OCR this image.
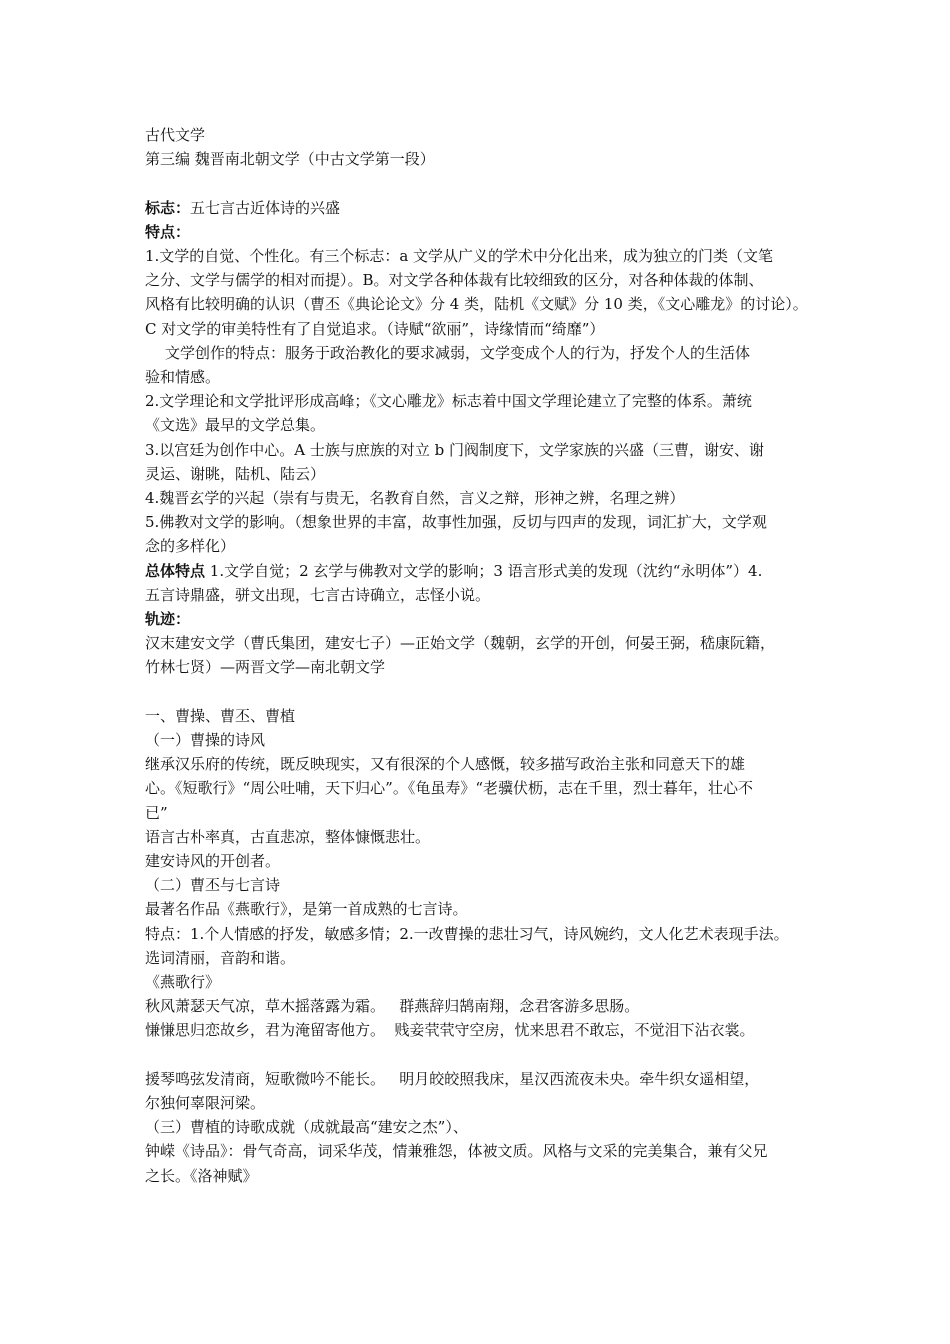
古代文学
第三编 魏晋南北朝文学（中古文学第一段）
标志：五七言古近体诗的兴盛
特点：
1.文学的自觉、个性化。有三个标志：a 文学从广义的学术中分化出来，成为独立的门类（文笔
之分、文学与儒学的相对而提）。B。对文学各种体裁有比较细致的区分，对各种体裁的体制、
风格有比较明确的认识（曹丕《典论论文》分 4 类，陆机《文赋》分 10 类，《文心雕龙》的讨论）。
C 对文学的审美特性有了自觉追求。（诗赋“欲丽”，诗缘情而“绮靡”）
文学创作的特点：服务于政治教化的要求减弱，文学变成个人的行为，抒发个人的生活体
验和情感。
2.文学理论和文学批评形成高峰；《文心雕龙》标志着中国文学理论建立了完整的体系。萧统
《文选》最早的文学总集。
3.以宫廷为创作中心。A 士族与庶族的对立 b 门阀制度下，文学家族的兴盛（三曹，谢安、谢
灵运、谢眺，陆机、陆云）
4.魏晋玄学的兴起（崇有与贵无，名教育自然，言义之辩，形神之辨，名理之辨）
5.佛教对文学的影响。（想象世界的丰富，故事性加强，反切与四声的发现，词汇扩大，文学观
念的多样化）
总体特点 1.文学自觉；2 玄学与佛教对文学的影响；3 语言形式美的发现（沈约“永明体”）4.
五言诗鼎盛，骈文出现，七言古诗确立，志怪小说。
轨迹：
汉末建安文学（曹氏集团，建安七子）—正始文学（魏朝，玄学的开创，何晏王弼，嵇康阮籍，
竹林七贤）—两晋文学—南北朝文学
一、曹操、曹丕、曹植
（一）曹操的诗风
继承汉乐府的传统，既反映现实，又有很深的个人感慨，较多描写政治主张和同意天下的雄
心。《短歌行》“周公吐哺，天下归心”。《龟虽寿》“老骥伏枥，志在千里，烈士暮年，壮心不
已”
语言古朴率真，古直悲凉，整体慷慨悲壮。
建安诗风的开创者。
（二）曹丕与七言诗
最著名作品《燕歌行》，是第一首成熟的七言诗。
特点：1.个人情感的抒发，敏感多情；2.一改曹操的悲壮习气，诗风婉约，文人化艺术表现手法。
选词清丽，音韵和谐。
《燕歌行》
秋风萧瑟天气凉，草木摇落露为霜。   群燕辞归鹄南翔，念君客游多思肠。
慊慊思归恋故乡，君为淹留寄他方。  贱妾茕茕守空房，忧来思君不敢忘，不觉泪下沾衣裳。
援琴鸣弦发清商，短歌微吟不能长。   明月皎皎照我床，星汉西流夜未央。牵牛织女遥相望，
尔独何辜限河梁。
（三）曹植的诗歌成就（成就最高“建安之杰”）、
钟嵘《诗品》：骨气奇高，词采华茂，情兼雅怨，体被文质。风格与文采的完美集合，兼有父兄
之长。《洛神赋》
